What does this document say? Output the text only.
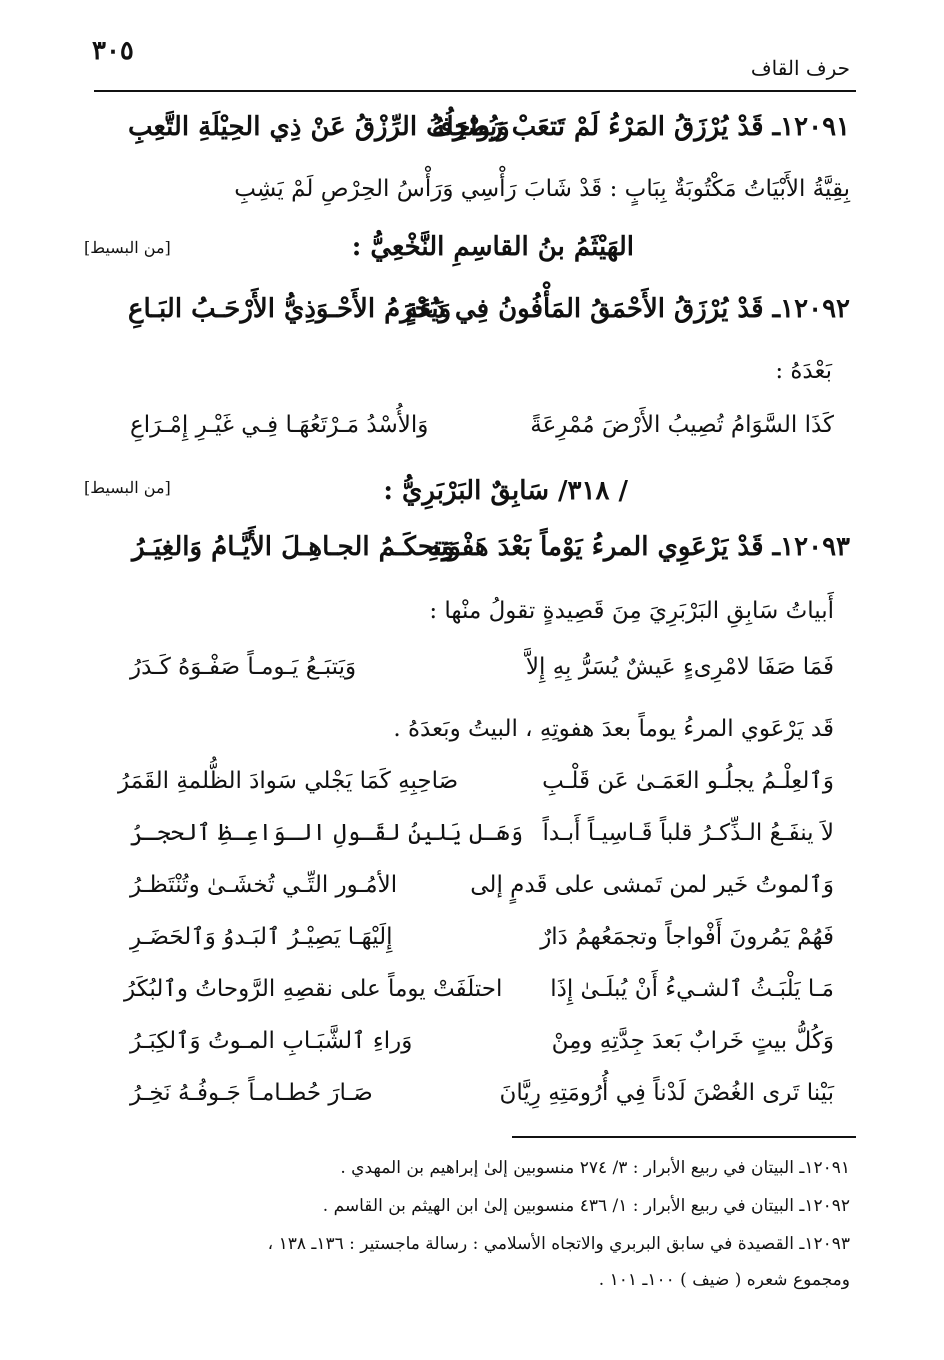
٣٠٥
حرف القاف
١٢٠٩١ـ قَدْ يُرْزَقُ المَرْءُ لَمْ تَتعَبْ رَواحِلُهُ
وَيُصْرَفُ الرِّزْقُ عَنْ ذِي الحِيْلَةِ التَّعِبِ
بِقِيَّةُ الأَبْيَاتُ مَكْتُوبَةٌ بِبَابٍ : قَدْ شَابَ رَأْسِي وَرَأْسُ الحِرْصِ لَمْ يَشِبِ
الهَيْثَمُ بنُ القاسِمِ النَّخْعِيُّ :
[من البسيط]
١٢٠٩٢ـ قَدْ يُرْزَقُ الأَحْمَقُ المَأْفُونُ فِي دَعَةٍ
وَيُحْرَمُ الأَحْـوَذِيُّ الأَرْحَـبُ البَـاعِ
بَعْدَهُ :
كَذَا السَّوَامُ تُصِيبُ الأَرْضَ مُمْرِعَةً
وَالأُسْدُ مَـرْتَعُهَـا فِـي غَيْـرِ إِمْـرَاعِ
/ ٣١٨/ سَابِقٌ البَرْبَرِيُّ :
[من البسيط]
١٢٠٩٣ـ قَدْ يَرْعَوِي المرءُ يَوْماً بَعْدَ هَفْوَتِهِ
وَتحكَـمُ الجـاهِـلَ الأَيَّـامُ وَالغِيَـرُ
أَبياتُ سَابِقِ البَرْبَرِيَ مِنَ قَصِيدةٍ تقولُ منْها :
فَمَا صَفَا لامْرِىءٍ عَيشٌ يُسَرُّ بِهِ إِلاَّ
وَيَتبَـعُ يَـومـاً صَفْـوَهُ كَـدَرُ
قَد يَرْعَوي المرءُ يوماً بعدَ هفوتِهِ ، البيتُ وبَعدَهُ .
وَٱلعِلْـمُ يجلُـو العَمَـىٰ عَن قَلْـبِ
صَاحِبِهِ كَمَا يَجْلي سَوادَ الظُّلمةِ القَمَرُ
لاَ ينفَـعُ الـذِّكـرُ قلباً قَـاسِيـاً أَبـداً
وَهَـل يَلينُ لقَـولِ الـوَاعِـظِ ٱلحجـرُ
وَٱلموتُ خَير لمن تَمشى على قَدمٍ إلى
الأمُـور التِّـي تُخشَـىٰ وتُنْتَظـرُ
فَهُمْ يَمُرونَ أَفْواجاً وتجمَعُهمُ دَارٌ
إِلَيْهَـا يَصِيْـرُ ٱلبَـدوُ وَٱلحَضَـرِ
مَـا يَلْبَـثُ ٱلشـيءُ أَنْ يُبلَـىٰ إِذَا
احتلَفَتْ يوماً على نقصِهِ الرَّوحاتُ وٱلبُكَرُ
وَكُلُّ بيتٍ خَرابٌ بَعدَ جِدَّتِهِ ومِنْ
وَراءِ ٱلشَّبَـابِ المـوتُ وَٱلكِبَـرُ
بَيْنا تَرى الغُصْنَ لَدْناً فِي أُرُومَتِهِ رِيَّانَ
صَـارَ حُطـامـاً جَـوفُـهُ نَخِـرُ
١٢٠٩١ـ البيتان في ربيع الأبرار : ٣/ ٢٧٤ منسوبين إلىٰ إبراهيم بن المهدي .
١٢٠٩٢ـ البيتان في ربيع الأبرار : ١/ ٤٣٦ منسوبين إلىٰ ابن الهيثم بن القاسم .
١٢٠٩٣ـ القصيدة في سابق البربري والاتجاه الأسلامي : رسالة ماجستير : ١٣٦ـ ١٣٨ ،
ومجموع شعره ( ضيف ) ١٠٠ـ ١٠١ .
